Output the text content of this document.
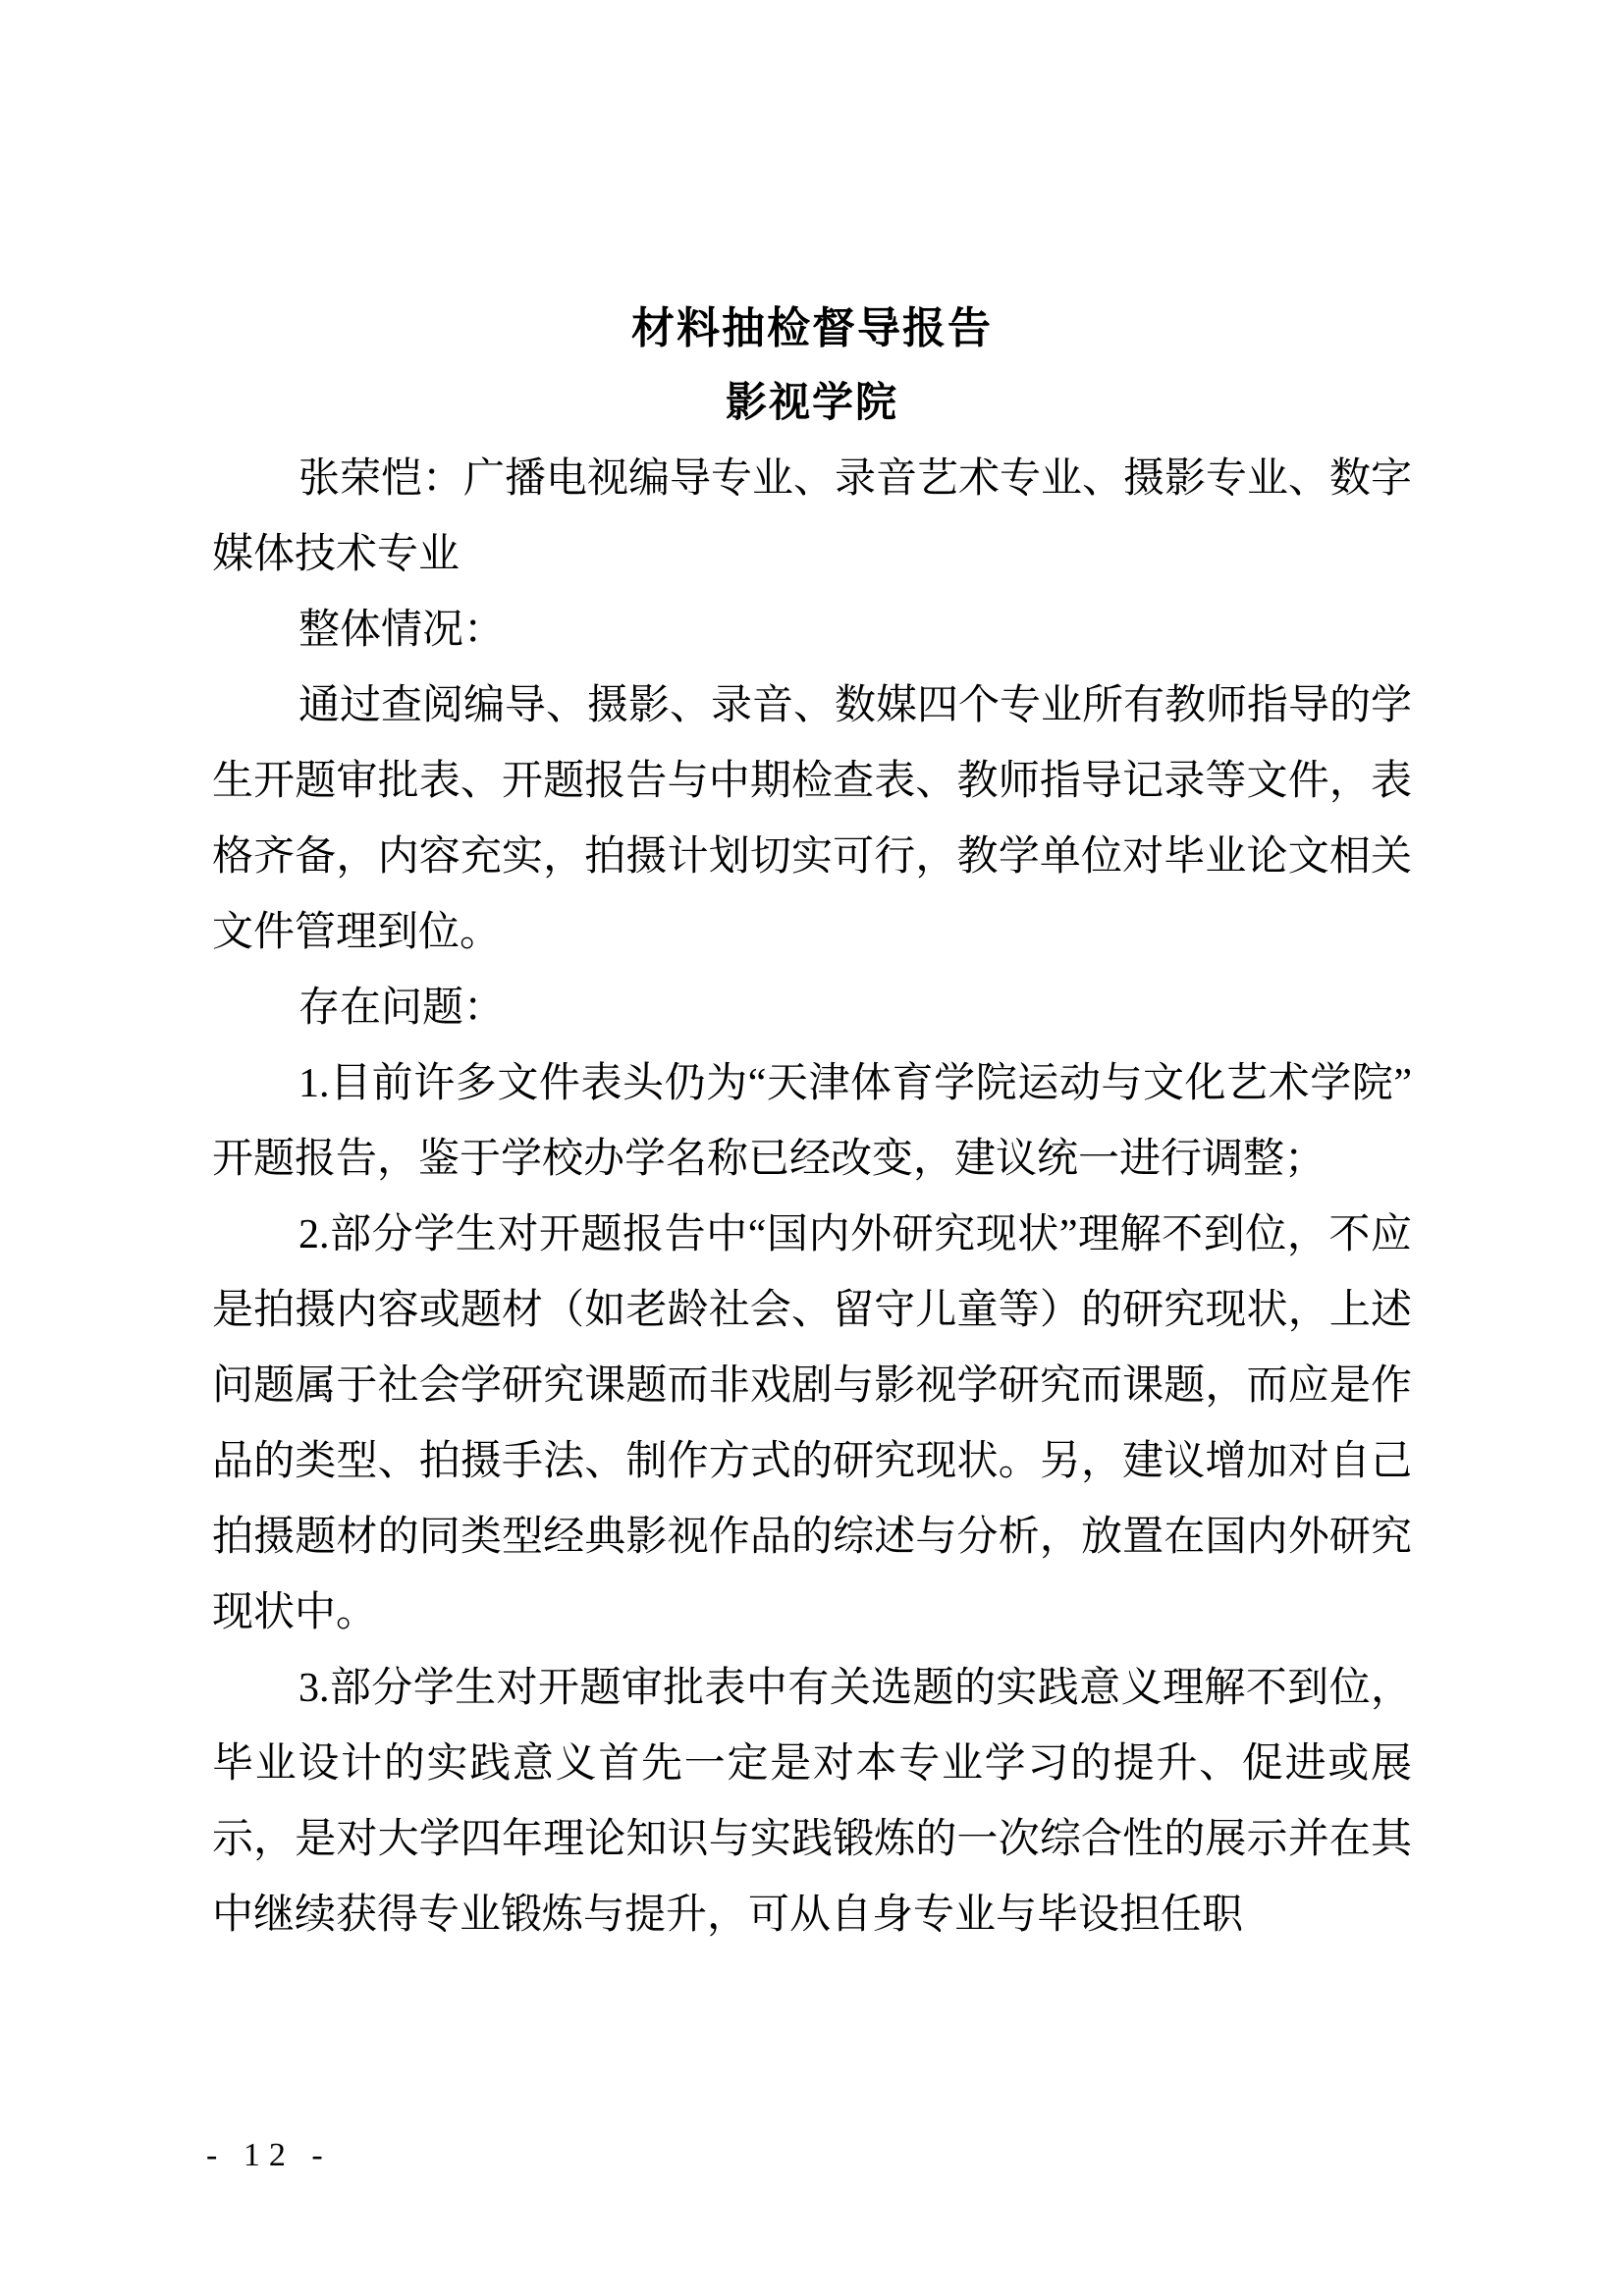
材料抽检督导报告
影视学院

张荣恺：广播电视编导专业、录音艺术专业、摄影专业、数字媒体技术专业

整体情况：

通过查阅编导、摄影、录音、数媒四个专业所有教师指导的学生开题审批表、开题报告与中期检查表、教师指导记录等文件，表格齐备，内容充实，拍摄计划切实可行，教学单位对毕业论文相关文件管理到位。

存在问题：

1.目前许多文件表头仍为“天津体育学院运动与文化艺术学院”开题报告，鉴于学校办学名称已经改变，建议统一进行调整；

2.部分学生对开题报告中“国内外研究现状”理解不到位，不应是拍摄内容或题材（如老龄社会、留守儿童等）的研究现状，上述问题属于社会学研究课题而非戏剧与影视学研究而课题，而应是作品的类型、拍摄手法、制作方式的研究现状。另，建议增加对自己拍摄题材的同类型经典影视作品的综述与分析，放置在国内外研究现状中。

3.部分学生对开题审批表中有关选题的实践意义理解不到位，毕业设计的实践意义首先一定是对本专业学习的提升、促进或展示，是对大学四年理论知识与实践锻炼的一次综合性的展示并在其中继续获得专业锻炼与提升，可从自身专业与毕设担任职

- 12 -
